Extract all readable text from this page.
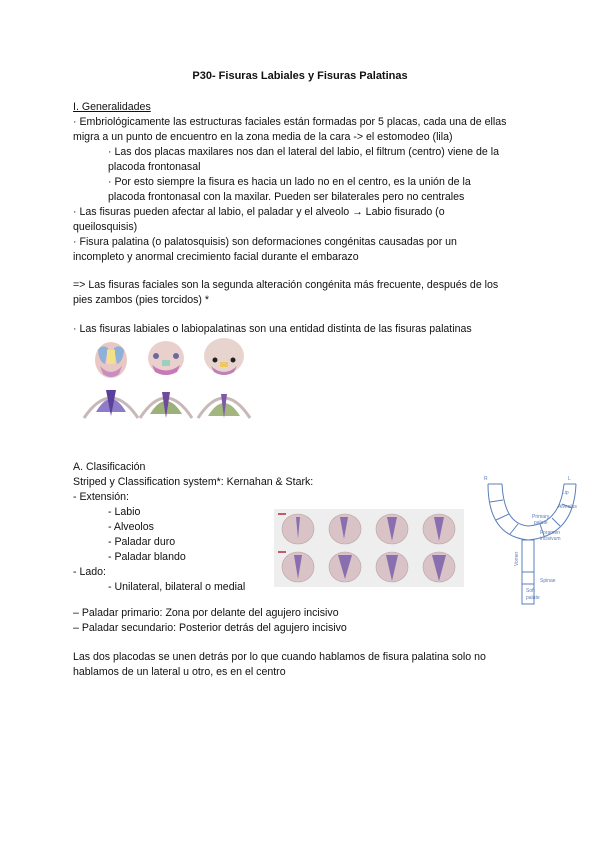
P30- Fisuras Labiales y Fisuras Palatinas
I. Generalidades
· Embriológicamente las estructuras faciales están formadas por 5 placas, cada una de ellas
migra a un punto de encuentro en la zona media de la cara -> el estomodeo (lila)
· Las dos placas maxilares nos dan el lateral del labio, el filtrum (centro) viene de la
placoda frontonasal
· Por esto siempre la fisura es hacia un lado no en el centro, es la unión de la
placoda frontonasal con la maxilar. Pueden ser bilaterales pero no centrales
· Las fisuras pueden afectar al labio, el paladar y el alveolo → Labio fisurado (o
queilosquisis)
· Fisura palatina (o palatosquisis) son deformaciones congénitas causadas por un
incompleto y anormal crecimiento facial durante el embarazo
=> Las fisuras faciales son la segunda alteración congénita más frecuente, después de los
pies zambos (pies torcidos) *
· Las fisuras labiales o labiopalatinas son una entidad distinta de las fisuras palatinas
A. Clasificación
Striped y Classification system*: Kernahan & Stark:
- Extensión:
- Labio
- Alveolos
- Paladar duro
- Paladar blando
- Lado:
- Unilateral, bilateral o medial
– Paladar primario: Zona por delante del agujero incisivo
– Paladar secundario: Posterior detrás del agujero incisivo
Las dos placodas se unen detrás por lo que cuando hablamos de fisura palatina solo no
hablamos de un lateral u otro, es en el centro
R	L
Lip
Alveolus
Primary
palate
Foramen
incisivum
Vomer
Spinae
Soft
palate
